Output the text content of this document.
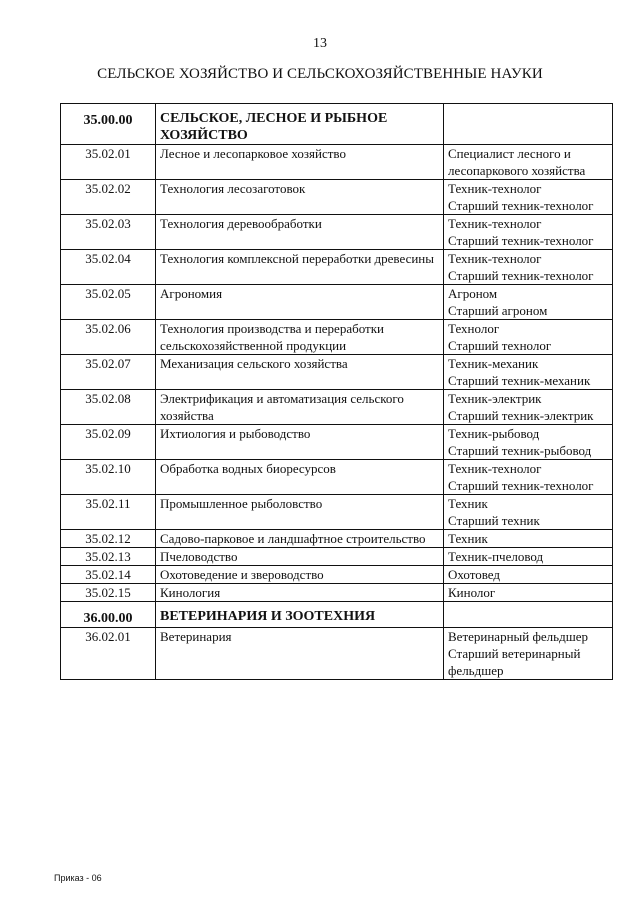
13
СЕЛЬСКОЕ ХОЗЯЙСТВО И СЕЛЬСКОХОЗЯЙСТВЕННЫЕ НАУКИ
35.00.00	СЕЛЬСКОЕ, ЛЕСНОЕ И РЫБНОЕ ХОЗЯЙСТВО	
35.02.01	Лесное и лесопарковое хозяйство	Специалист лесного и лесопаркового хозяйства

35.02.02	Технология лесозаготовок	Техник-технолог
Старший техник-технолог

35.02.03	Технология деревообработки	Техник-технолог
Старший техник-технолог

35.02.04	Технология комплексной переработки древесины	Техник-технолог
Старший техник-технолог

35.02.05	Агрономия	Агроном
Старший агроном

35.02.06	Технология производства и переработки сельскохозяйственной продукции	Технолог
Старший технолог

35.02.07	Механизация сельского хозяйства	Техник-механик
Старший техник-механик

35.02.08	Электрификация и автоматизация сельского хозяйства	Техник-электрик
Старший техник-электрик

35.02.09	Ихтиология и рыбоводство	Техник-рыбовод
Старший техник-рыбовод

35.02.10	Обработка водных биоресурсов	Техник-технолог
Старший техник-технолог

35.02.11	Промышленное рыболовство	Техник
Старший техник

35.02.12	Садово-парковое и ландшафтное строительство	Техник

35.02.13	Пчеловодство	Техник-пчеловод

35.02.14	Охотоведение и звероводство	Охотовед

35.02.15	Кинология	Кинолог

36.00.00	ВЕТЕРИНАРИЯ И ЗООТЕХНИЯ	
36.02.01	Ветеринария	Ветеринарный фельдшер
Старший ветеринарный фельдшер
Приказ - 06
